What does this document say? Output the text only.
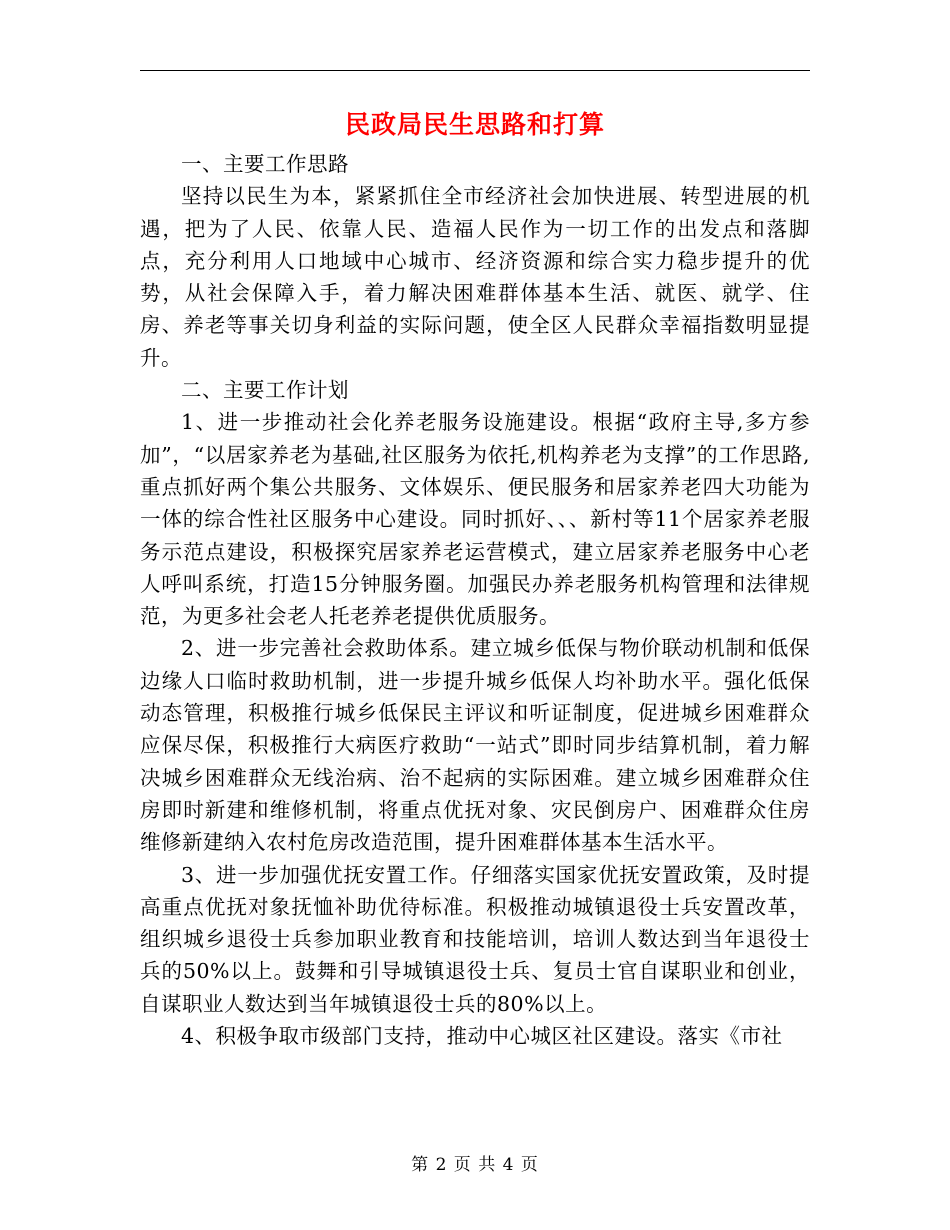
民政局民生思路和打算

一、主要工作思路

坚持以民生为本，紧紧抓住全市经济社会加快进展、转型进展的机遇，把为了人民、依靠人民、造福人民作为一切工作的出发点和落脚点，充分利用人口地域中心城市、经济资源和综合实力稳步提升的优势，从社会保障入手，着力解决困难群体基本生活、就医、就学、住房、养老等事关切身利益的实际问题，使全区人民群众幸福指数明显提升。

二、主要工作计划

1、进一步推动社会化养老服务设施建设。根据“政府主导,多方参加”，“以居家养老为基础,社区服务为依托,机构养老为支撑”的工作思路,重点抓好两个集公共服务、文体娱乐、便民服务和居家养老四大功能为一体的综合性社区服务中心建设。同时抓好、、、新村等11个居家养老服务示范点建设，积极探究居家养老运营模式，建立居家养老服务中心老人呼叫系统，打造15分钟服务圈。加强民办养老服务机构管理和法律规范，为更多社会老人托老养老提供优质服务。

2、进一步完善社会救助体系。建立城乡低保与物价联动机制和低保边缘人口临时救助机制，进一步提升城乡低保人均补助水平。强化低保动态管理，积极推行城乡低保民主评议和听证制度，促进城乡困难群众应保尽保，积极推行大病医疗救助“一站式”即时同步结算机制，着力解决城乡困难群众无线治病、治不起病的实际困难。建立城乡困难群众住房即时新建和维修机制，将重点优抚对象、灾民倒房户、困难群众住房维修新建纳入农村危房改造范围，提升困难群体基本生活水平。

3、进一步加强优抚安置工作。仔细落实国家优抚安置政策，及时提高重点优抚对象抚恤补助优待标准。积极推动城镇退役士兵安置改革，组织城乡退役士兵参加职业教育和技能培训，培训人数达到当年退役士兵的50%以上。鼓舞和引导城镇退役士兵、复员士官自谋职业和创业，自谋职业人数达到当年城镇退役士兵的80%以上。

4、积极争取市级部门支持，推动中心城区社区建设。落实《市社

第 2 页 共 4 页
